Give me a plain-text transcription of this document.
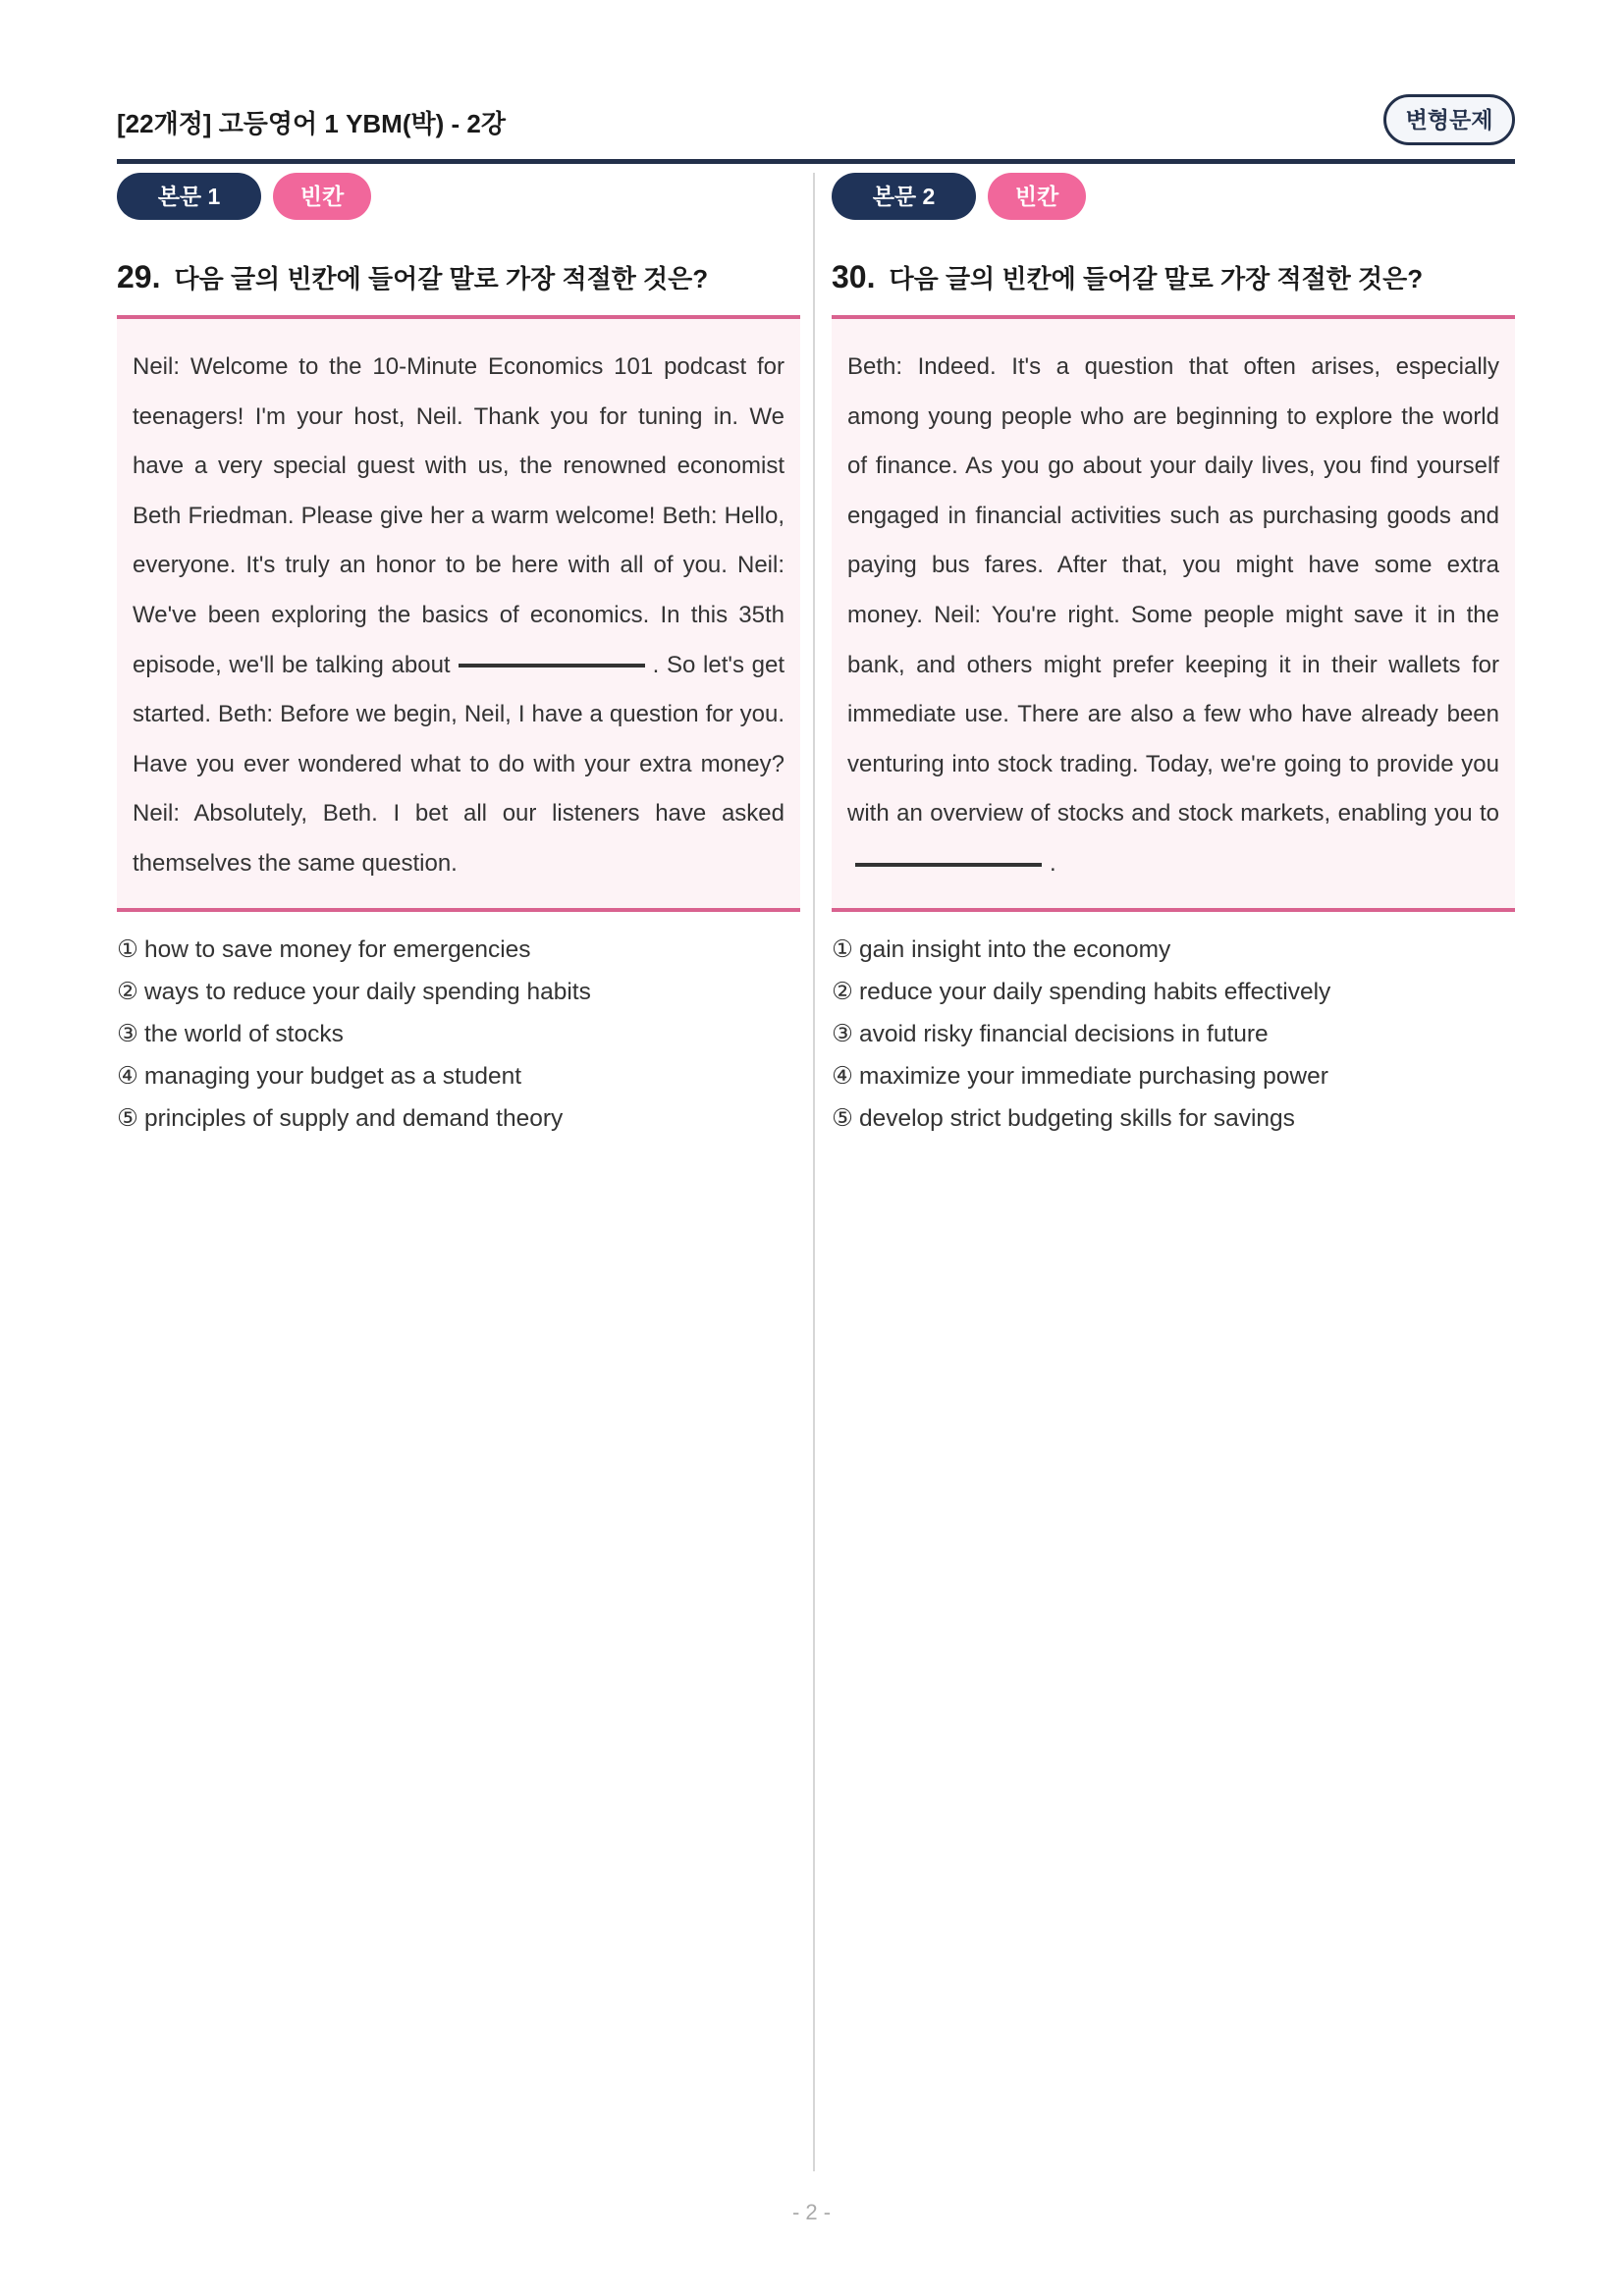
[22개정] 고등영어 1 YBM(박) - 2강	변형문제
본문 1	빈칸
29. 다음 글의 빈칸에 들어갈 말로 가장 적절한 것은?
Neil: Welcome to the 10-Minute Economics 101 podcast for teenagers! I'm your host, Neil. Thank you for tuning in. We have a very special guest with us, the renowned economist Beth Friedman. Please give her a warm welcome! Beth: Hello, everyone. It's truly an honor to be here with all of you. Neil: We've been exploring the basics of economics. In this 35th episode, we'll be talking about	. So let's get started. Beth: Before we begin, Neil, I have a question for you. Have you ever wondered what to do with your extra money? Neil: Absolutely, Beth. I bet all our listeners have asked themselves the same question.
① how to save money for emergencies
② ways to reduce your daily spending habits
③ the world of stocks
④ managing your budget as a student
⑤ principles of supply and demand theory
본문 2	빈칸
30. 다음 글의 빈칸에 들어갈 말로 가장 적절한 것은?
Beth: Indeed. It's a question that often arises, especially among young people who are beginning to explore the world of finance. As you go about your daily lives, you find yourself engaged in financial activities such as purchasing goods and paying bus fares. After that, you might have some extra money. Neil: You're right. Some people might save it in the bank, and others might prefer keeping it in their wallets for immediate use. There are also a few who have already been venturing into stock trading. Today, we're going to provide you with an overview of stocks and stock markets, enabling you to .
① gain insight into the economy
② reduce your daily spending habits effectively
③ avoid risky financial decisions in future
④ maximize your immediate purchasing power
⑤ develop strict budgeting skills for savings
- 2 -
